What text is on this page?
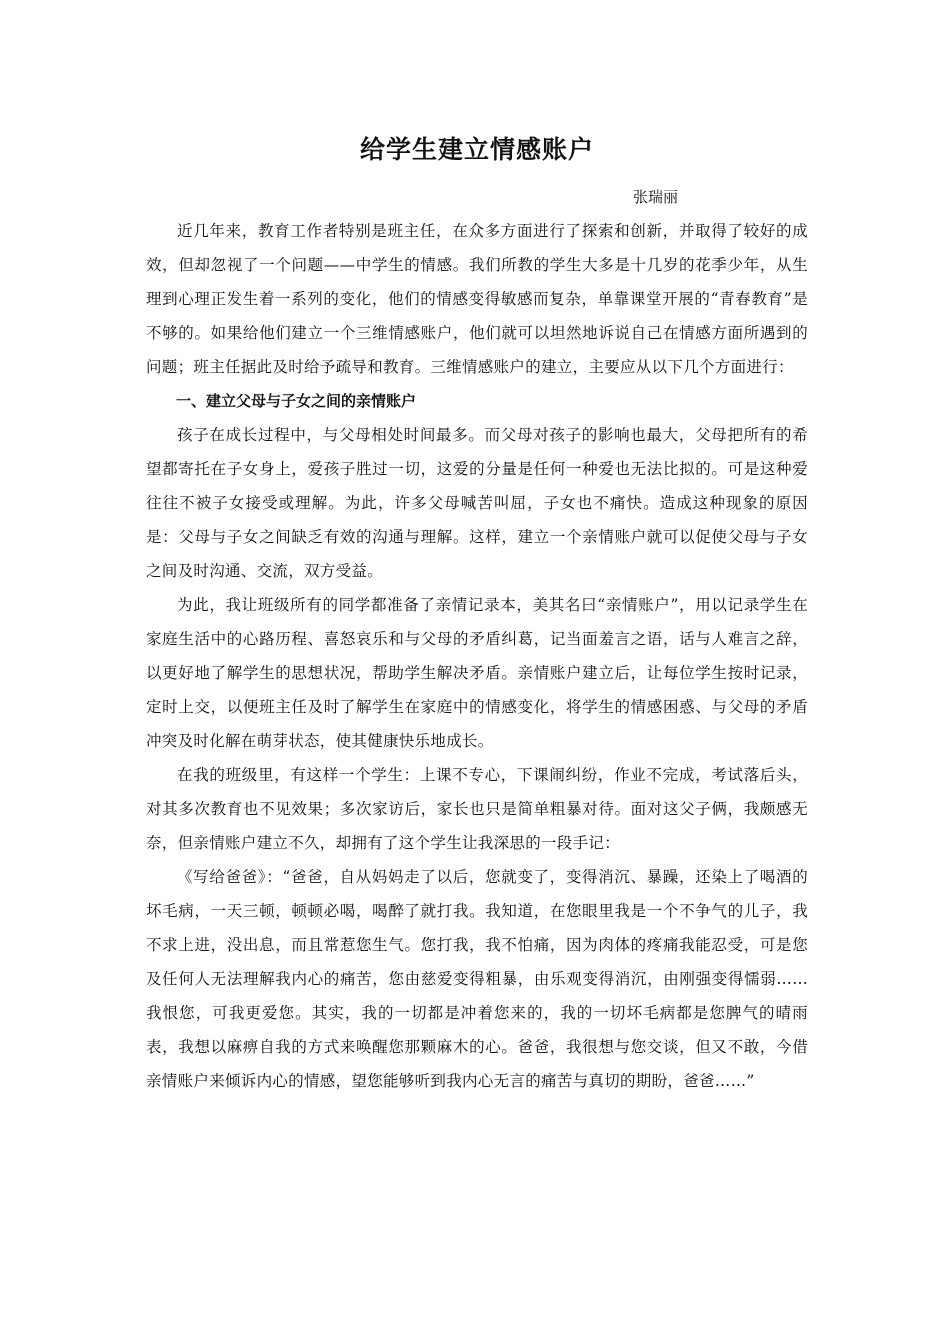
给学生建立情感账户
张瑞丽

近几年来，教育工作者特别是班主任，在众多方面进行了探索和创新，并取得了较好的成效，但却忽视了一个问题——中学生的情感。我们所教的学生大多是十几岁的花季少年，从生理到心理正发生着一系列的变化，他们的情感变得敏感而复杂，单靠课堂开展的“青春教育”是不够的。如果给他们建立一个三维情感账户，他们就可以坦然地诉说自己在情感方面所遇到的问题；班主任据此及时给予疏导和教育。三维情感账户的建立，主要应从以下几个方面进行：

一、建立父母与子女之间的亲情账户

孩子在成长过程中，与父母相处时间最多。而父母对孩子的影响也最大，父母把所有的希望都寄托在子女身上，爱孩子胜过一切，这爱的分量是任何一种爱也无法比拟的。可是这种爱往往不被子女接受或理解。为此，许多父母喊苦叫屈，子女也不痛快。造成这种现象的原因是：父母与子女之间缺乏有效的沟通与理解。这样，建立一个亲情账户就可以促使父母与子女之间及时沟通、交流，双方受益。

为此，我让班级所有的同学都准备了亲情记录本，美其名曰“亲情账户”，用以记录学生在家庭生活中的心路历程、喜怒哀乐和与父母的矛盾纠葛，记当面羞言之语，话与人难言之辞，以更好地了解学生的思想状况，帮助学生解决矛盾。亲情账户建立后，让每位学生按时记录，定时上交，以便班主任及时了解学生在家庭中的情感变化，将学生的情感困惑、与父母的矛盾冲突及时化解在萌芽状态，使其健康快乐地成长。

在我的班级里，有这样一个学生：上课不专心，下课闹纠纷，作业不完成，考试落后头，对其多次教育也不见效果；多次家访后，家长也只是简单粗暴对待。面对这父子俩，我颇感无奈，但亲情账户建立不久，却拥有了这个学生让我深思的一段手记：

《写给爸爸》：“爸爸，自从妈妈走了以后，您就变了，变得消沉、暴躁，还染上了喝酒的坏毛病，一天三顿，顿顿必喝，喝醉了就打我。我知道，在您眼里我是一个不争气的儿子，我不求上进，没出息，而且常惹您生气。您打我，我不怕痛，因为肉体的疼痛我能忍受，可是您及任何人无法理解我内心的痛苦，您由慈爱变得粗暴，由乐观变得消沉，由刚强变得懦弱……我恨您，可我更爱您。其实，我的一切都是冲着您来的，我的一切坏毛病都是您脾气的晴雨表，我想以麻痹自我的方式来唤醒您那颗麻木的心。爸爸，我很想与您交谈，但又不敢，今借亲情账户来倾诉内心的情感，望您能够听到我内心无言的痛苦与真切的期盼，爸爸……”
